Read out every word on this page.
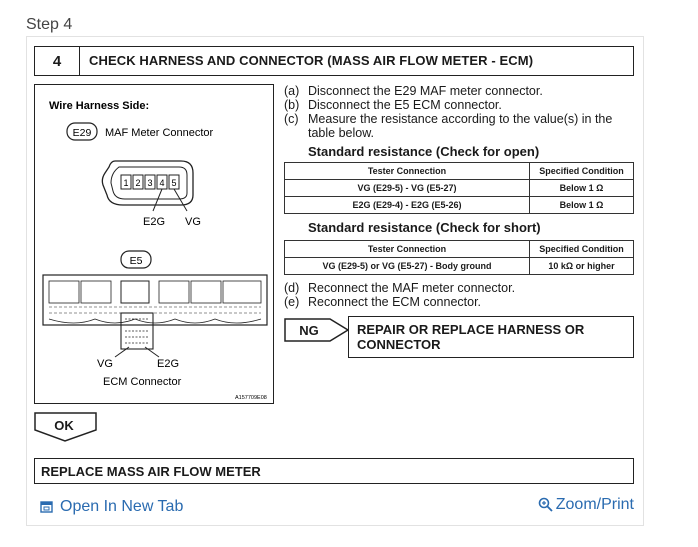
Step 4
4	CHECK HARNESS AND CONNECTOR (MASS AIR FLOW METER - ECM)
Wire Harness Side:
E29 MAF Meter Connector
1 2 3 4 5
E2G VG
E5
VG	E2G
ECM Connector
A157709E08
(a) Disconnect the E29 MAF meter connector.
(b) Disconnect the E5 ECM connector.
(c) Measure the resistance according to the value(s) in the
table below.
Standard resistance (Check for open)
Tester Connection	Specified Condition
VG (E29-5) - VG (E5-27)	Below 1 Ω
E2G (E29-4) - E2G (E5-26)	Below 1 Ω
Standard resistance (Check for short)
Tester Connection	Specified Condition
VG (E29-5) or VG (E5-27) - Body ground	10 kΩ or higher
(d) Reconnect the MAF meter connector.
(e) Reconnect the ECM connector.
NG	REPAIR OR REPLACE HARNESS OR CONNECTOR
OK
REPLACE MASS AIR FLOW METER
Open In New Tab	Zoom/Print
